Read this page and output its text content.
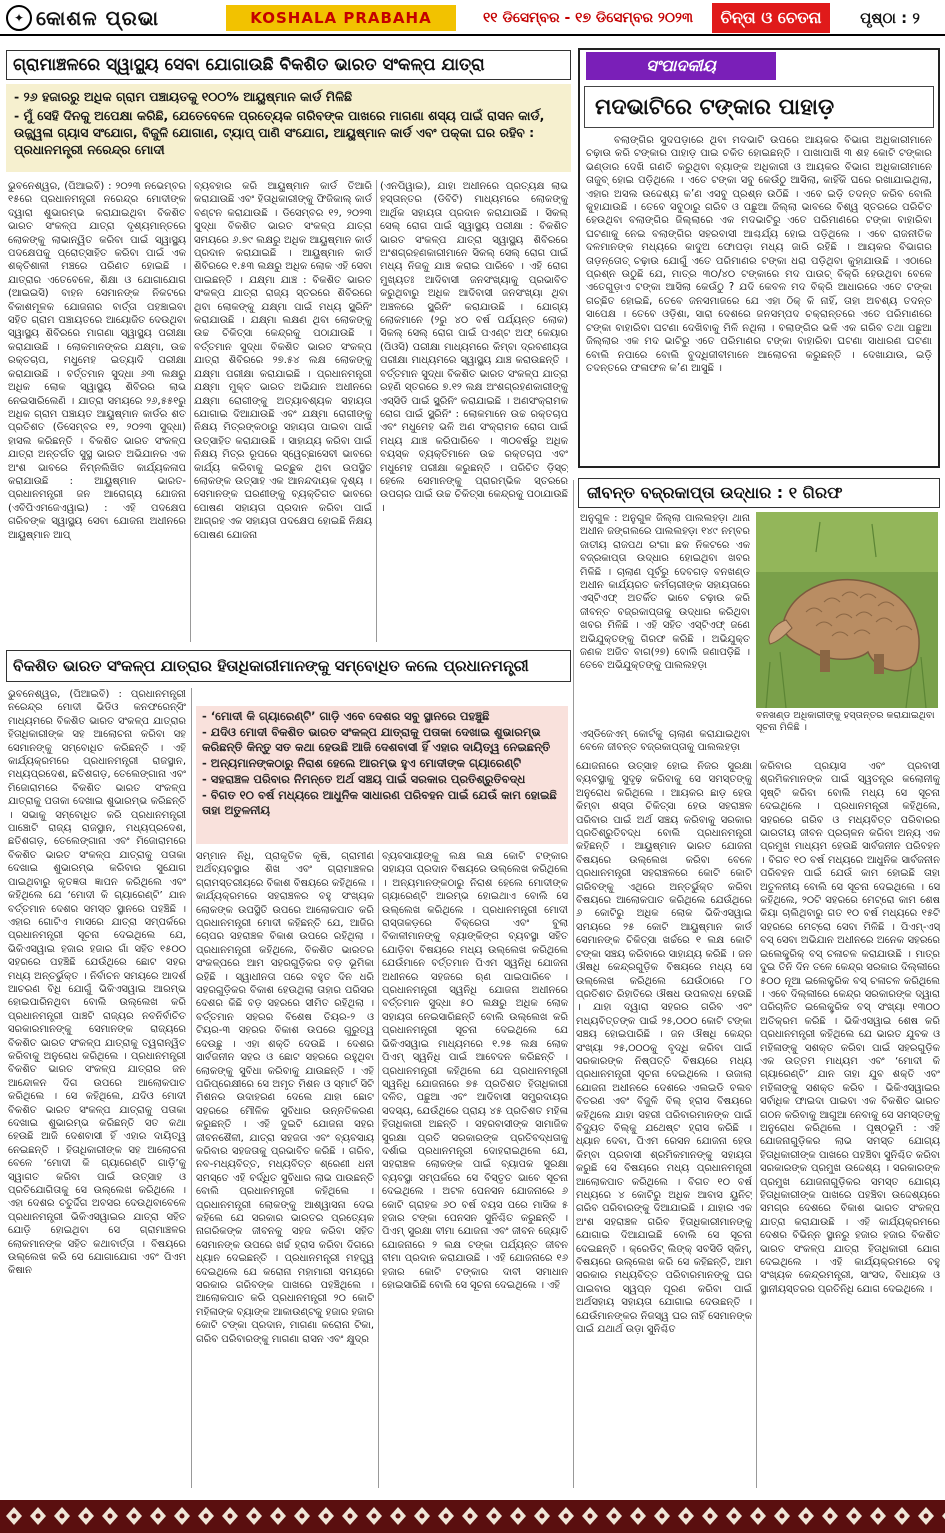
✦ କୋଶଳ ପ୍ରଭା	KOSHALA PRABAHA	୧୧ ଡିସେମ୍ବର - ୧୭ ଡିସେମ୍ବର ୨୦୨୩	ଚିନ୍ତା ଓ ଚେତନା	ପୃଷ୍ଠା : ୨
ଗ୍ରାମାଞ୍ଚଳରେ ସ୍ୱାସ୍ଥ୍ୟ ସେବା ଯୋଗାଉଛି ବିକଶିତ ଭାରତ ସଂକଳ୍ପ ଯାତ୍ରା
- ୨୬ ହଜାରରୁ ଅଧିକ ଗ୍ରାମ ପଞ୍ଚାୟତକୁ ୧୦୦% ଆୟୁଷ୍ମାନ କାର୍ଡ ମିଳିଛି
- ମୁଁ ସେହି ଦିନକୁ ଅପେକ୍ଷା କରିଛି, ଯେତେବେଳେ ପ୍ରତ୍ୟେକ ଗରିବଙ୍କ ପାଖରେ ମାଗଣା ଶସ୍ୟ ପାଇଁ ରାସନ କାର୍ଡ, ଉଜ୍ଜ୍ୱଳା ଗ୍ୟାସ ସଂଯୋଗ, ବିଜୁଳି ଯୋଗାଣ, ଟ୍ୟାପ୍ ପାଣି ସଂଯୋଗ, ଆୟୁଷ୍ମାନ କାର୍ଡ ଏବଂ ପକ୍କା ଘର ରହିବ : ପ୍ରଧାନମନ୍ତ୍ରୀ ନରେନ୍ଦ୍ର ମୋଦୀ
ଭୁବନେଶ୍ୱର, (ପିଆଇବି) : ୨୦୨୩ ନଭେମ୍ବର ୧୫ରେ ପ୍ରଧାନମନ୍ତ୍ରୀ ନରେନ୍ଦ୍ର ମୋଦୀଙ୍କ ଦ୍ୱାରା ଶୁଭାରମ୍ଭ କରାଯାଇଥିବା ବିକଶିତ ଭାରତ ସଂକଳ୍ପ ଯାତ୍ରା ଦୃଶ୍ୟମାନ୍ତରେ ଲୋକଙ୍କୁ ଲାଭାନ୍ୱିତ କରିବା ପାଇଁ ସ୍ୱାସ୍ଥ୍ୟ ପଦକ୍ଷେପକୁ ପ୍ରୋତ୍ସାହିତ କରିବା ପାଇଁ ଏକ ଶକ୍ତିଶାଳୀ ମଞ୍ଚରେ ପରିଣତ ହୋଇଛି । ଯାତ୍ରାର ଏତେବେଳେ, ଶିକ୍ଷା ଓ ଯୋଗାଯୋଗ (ଆଇଇସି) ବାହନ ସେମାନଙ୍କ ନିକଟରେ ବିକାଶମୂଳକ ଯୋଜନାର ବାର୍ତ୍ତା ପହଞ୍ଚାଇବା ସହିତ ଗ୍ରାମ ପଞ୍ଚାୟତରେ ଆୟୋଜିତ ଦେଉଥିବା ସ୍ୱାସ୍ଥ୍ୟ ଶିବିରରେ ମାଗଣା ସ୍ୱାସ୍ଥ୍ୟ ପରୀକ୍ଷା କରାଯାଉଛି । ଲୋକମାନଙ୍କର ଯକ୍ଷ୍ମା, ଉଚ୍ଚ ରକ୍ତଚାପ, ମଧୁମେହ ଇତ୍ୟାଦି ପରୀକ୍ଷା କରାଯାଉଛି । ବର୍ତ୍ତମାନ ସୁଦ୍ଧା ୬୩ ଲକ୍ଷରୁ ଅଧିକ ଲୋକ ସ୍ୱାସ୍ଥ୍ୟ ଶିବିରର ଲାଭ ନେଇସାରିଲେଣି । ଯାତ୍ରା ସମୟରେ ୨୬,୫୫୧ରୁ ଅଧିକ ଗ୍ରାମ ପଞ୍ଚାୟତ ଆୟୁଷ୍ମାନ କାର୍ଡର ଶତ ପ୍ରତିଶତ (ଡିସେମ୍ବର ୧୨, ୨୦୨୩ ସୁଦ୍ଧା) ହାସଲ କରିଛନ୍ତି । ବିକଶିତ ଭାରତ ସଂକଳ୍ପ ଯାତ୍ରା ଅନ୍ତର୍ଗତ ସୁସ୍ଥ ଭାରତ ଅଭିଯାନର ଏକ ଅଂଶ ଭାବରେ ନିମ୍ନଲିଖିତ କାର୍ଯ୍ୟକଳାପ କରାଯାଉଛି : ଆୟୁଷ୍ମାନ ଭାରତ-ପ୍ରଧାନମନ୍ତ୍ରୀ ଜନ ଆରୋଗ୍ୟ ଯୋଜନା (ଏବିପିଏମଜେଏୱାଇ) : ଏହି ପଦକ୍ଷେପ ଗରିବଙ୍କ ସ୍ୱାସ୍ଥ୍ୟ ସେବା ଯୋଜନା ଅଧୀନରେ ଆୟୁଷ୍ମାନ ଆପ୍
ବ୍ୟବହାର କରି ଆୟୁଷ୍ମାନ କାର୍ଡ ତିଆରି କରାଯାଉଛି ଏବଂ ହିତାଧିକାରୀଙ୍କୁ ଫିଜିକାଲ୍ କାର୍ଡ ବଣ୍ଟନ କରାଯାଉଛି । ଡିସେମ୍ବର ୧୨, ୨୦୨୩ ସୁଦ୍ଧା ବିକଶିତ ଭାରତ ସଂକଳ୍ପ ଯାତ୍ରା ସମୟରେ ୬.୭୯ ଲକ୍ଷରୁ ଅଧିକ ଆୟୁଷ୍ମାନ କାର୍ଡ ପ୍ରଦାନ କରାଯାଇଛି । ଆୟୁଷ୍ମାନ କାର୍ଡ ଶିବିରରେ ୧.୫୩ ଲକ୍ଷରୁ ଅଧିକ ଲୋକ ଏହି ସେବା ପାଇଛନ୍ତି । ଯକ୍ଷ୍ମା ଯାଞ୍ଚ : ବିକଶିତ ଭାରତ ସଂକଳ୍ପ ଯାତ୍ରା ରାଜ୍ୟ ସ୍ତରରେ ଶିବିରରେ ଥିବା ଲୋକଙ୍କୁ ଯକ୍ଷ୍ମା ପାଇଁ ମଧ୍ୟ ସ୍କ୍ରିନିଂ କରାଯାଉଛି । ଯକ୍ଷ୍ମା ଲକ୍ଷଣ ଥିବା ଲୋକଙ୍କୁ ଉଚ୍ଚ ଚିକିତ୍ସା କେନ୍ଦ୍ରକୁ ପଠାଯାଉଛି । ବର୍ତ୍ତମାନ ସୁଦ୍ଧା ବିକଶିତ ଭାରତ ସଂକଳ୍ପ ଯାତ୍ରା ଶିବିରରେ ୨୭.୫୪ ଲକ୍ଷ ଲୋକଙ୍କୁ ଯକ୍ଷ୍ମା ପରୀକ୍ଷା କରାଯାଇଛି । ପ୍ରଧାନମନ୍ତ୍ରୀ ଯକ୍ଷ୍ମା ମୁକ୍ତ ଭାରତ ଅଭିଯାନ ଅଧୀନରେ ଯକ୍ଷ୍ମା ରୋଗୀଙ୍କୁ ଅତ୍ୟାବଶ୍ୟକ ସହାୟତା ଯୋଗାଇ ଦିଆଯାଉଛି ଏବଂ ଯକ୍ଷ୍ମା ରୋଗୀଙ୍କୁ ନିକ୍ଷୟ ମିତ୍ରଙ୍କଠାରୁ ସହାୟତା ପାଇବା ପାଇଁ ଉତ୍ସାହିତ କରାଯାଉଛି । ସାହାଯ୍ୟ କରିବା ପାଇଁ ନିକ୍ଷୟ ମିତ୍ର ରୂପରେ ସ୍ୱେଚ୍ଛାସେବୀ ଭାବରେ କାର୍ଯ୍ୟ କରିବାକୁ ଇଚ୍ଛୁକ ଥିବା ଉପସ୍ଥିତ ଲୋକଙ୍କ ଉତ୍ସାହ ଏକ ଆନନ୍ଦଦାୟକ ଦୃଶ୍ୟ । ସେମାନଙ୍କ ଘରଣୀଙ୍କୁ ବ୍ୟକ୍ତିଗତ ଭାବରେ ପୋଷଣ ସହାୟତା ପ୍ରଦାନ କରିବା ପାଇଁ ଆଗ୍ରହ ଏକ ସହାୟତା ପଦକ୍ଷେପ ହୋଇଛି ନିକ୍ଷୟ ପୋଷଣ ଯୋଜନା
(ଏନପିୱାଇ), ଯାହା ଅଧୀନରେ ପ୍ରତ୍ୟକ୍ଷ ଲାଭ ହସ୍ତାନ୍ତର (ଡିବିଟି) ମାଧ୍ୟମରେ ଲୋକଙ୍କୁ ଆର୍ଥିକ ସହାୟତା ପ୍ରଦାନ କରାଯାଉଛି । ସିକଲ୍ ସେଲ୍ ରୋଗ ପାଇଁ ସ୍ୱାସ୍ଥ୍ୟ ପରୀକ୍ଷା : ବିକଶିତ ଭାରତ ସଂକଳ୍ପ ଯାତ୍ରା ସ୍ୱାସ୍ଥ୍ୟ ଶିବିରରେ ଅଂଶଗ୍ରହଣକାରୀମାନେ ସିକଲ୍ ସେଲ୍ ରୋଗ ପାଇଁ ମଧ୍ୟ ନିଜକୁ ଯାଞ୍ଚ କରାଇ ପାରିବେ । ଏହି ରୋଗ ମୁଖ୍ୟତଃ ଆଦିବାସୀ ଜନସଂଖ୍ୟାକୁ ପ୍ରଭାବିତ କରୁଥିବାରୁ ଅଧିକ ଆଦିବାସୀ ଜନସଂଖ୍ୟା ଥିବା ଅଞ୍ଚଳରେ ସ୍କ୍ରିନିଂ କରାଯାଉଛି । ଯୋଗ୍ୟ ଲୋକମାନେ (୨ରୁ ୪୦ ବର୍ଷ ପର୍ଯ୍ୟନ୍ତ ଲୋକ) ସିକଲ୍ ସେଲ୍ ରୋଗ ପାଇଁ ପଏଣ୍ଟ ଅଫ୍ କେୟାର (ପିଓସି) ପରୀକ୍ଷା ମାଧ୍ୟମରେ କିମ୍ବା ଦ୍ରବଣୀୟତା ପରୀକ୍ଷା ମାଧ୍ୟମରେ ସ୍ୱାସ୍ଥ୍ୟ ଯାଞ୍ଚ କରାଉଛନ୍ତି । ବର୍ତ୍ତମାନ ସୁଦ୍ଧା ବିକଶିତ ଭାରତ ସଂକଳ୍ପ ଯାତ୍ରା ରହଣି ସ୍ତରରେ ୭.୧୨ ଲକ୍ଷ ଅଂଶଗ୍ରହଣକାରୀଙ୍କୁ ଏସ୍‌ସିଡି ପାଇଁ ସ୍କ୍ରିନିଂ କରାଯାଇଛି । ଅଣସଂକ୍ରାମକ ରୋଗ ପାଇଁ ସ୍କ୍ରିନିଂ : ଲୋକମାନେ ଉଚ୍ଚ ରକ୍ତଚାପ ଏବଂ ମଧୁମେହ ଭଳି ଅଣ ସଂକ୍ରାମକ ରୋଗ ପାଇଁ ମଧ୍ୟ ଯାଞ୍ଚ କରିପାରିବେ । ୩୦ବର୍ଷରୁ ଅଧିକ ବୟସ୍କ ବ୍ୟକ୍ତିମାନେ ଉଚ୍ଚ ରକ୍ତଚାପ ଏବଂ ମଧୁମେହ ପରୀକ୍ଷା କରୁଛନ୍ତି । ପରିଚିତ ଡ଼ିସ୍‌ଚ୍ ହେଲେ ସେମାନଙ୍କୁ ପ୍ରାରମ୍ଭିକ ସ୍ତରରେ ଉପଚାର ପାଇଁ ଉଚ୍ଚ ଚିକିତ୍ସା କେନ୍ଦ୍ରକୁ ପଠାଯାଉଛି ।
ସଂପାଦକୀୟ
ମଦଭାଟିରେ ଟଙ୍କାର ପାହାଡ଼
ବଲାଙ୍ଗିର ସୁଦପଡ଼ାରେ ଥିବା ମଦଭାଟି ଉପରେ ଆୟକର ବିଭାଗ ଅଧିକାରୀମାନେ ଚଢ଼ାଉ କରି ଟଙ୍କାର ପାହାଡ଼ ପାଇ ଚକିତ ହୋଇଛନ୍ତି । ପାଖାପାଖି ୩ ଶହ କୋଟି ଟଙ୍କାର ଭଣ୍ଡାର ଦେଖି ଗଣତି କରୁଥିବା ବ୍ୟାଙ୍କ ଅଧିକାରୀ ଓ ଆୟକର ବିଭାଗ ଅଧିକାରୀମାନେ ତାଜୁବ୍ ହୋଇ ପଡ଼ିଥିଲେ । ଏତେ ଟଙ୍କା ସବୁ କେଉଁଠୁ ଆସିଲା, କାହିଁକି ଘରେ ରଖାଯାଇଥିଲା, ଏହାର ଅସଲ ଉଦ୍ଦେଶ୍ୟ କ’ଣ ଏସବୁ ପ୍ରଶ୍ନ ଉଠିଛି । ଏବେ ଇଡ଼ି ତଦନ୍ତ କରିବ ବୋଲି କୁହାଯାଉଛି । ତେବେ ସବୁଠାରୁ ଗରିବ ଓ ପଛୁଆ ଜିଲ୍ଲା ଭାବରେ ବିଶ୍ୱ ସ୍ତରରେ ପରିଚିତ ହେଉଥିବା ବଲାଙ୍ଗିର ଜିଲ୍ଲାରେ ଏକ ମଦଭାଟିରୁ ଏତେ ପରିମାଣରେ ଟଙ୍କା ବାହାରିବା ଘଟଣାକୁ ନେଇ ବଲାଙ୍ଗିର ସହରବାସୀ ଆଶ୍ଚର୍ଯ୍ୟ ହୋଇ ପଡ଼ିଥିଲେ । ଏବେ ରାଜନୀତିକ ଦଳମାନଙ୍କ ମଧ୍ୟରେ କାଦୁଅ ଫୋପଡ଼ା ମଧ୍ୟ ଜାରି ରହିଛି । ଆୟକର ବିଭାଗର ତାଡ଼ନ୍ତୋତ୍ ଚଢ଼ାଉ ଯୋଗୁଁ ଏତେ ପରିମାଣର ଟଙ୍କା ଧରା ପଡ଼ିଥିବା କୁହାଯାଉଛି । ଏଠାରେ ପ୍ରଶ୍ନ ଉଠୁଛି ଯେ, ମାତ୍ର ୩୦/୪୦ ଟଙ୍କାରେ ମଦ ପାଉଚ୍ ବିକ୍ରି ହେଉଥିବା ବେଳେ ଏତେଗୁଡ଼ାଏ ଟଙ୍କା ଆସିଲା କେଉଁଠୁ ? ଯଦି କେବଳ ମଦ ବିକ୍ରି ଆଧାରରେ ଏତେ ଟଙ୍କା ଗଚ୍ଛିତ ହୋଇଛି, ତେବେ ଜନସମାଜରେ ଯେ ଏହା ଠିକ୍ କି ନାହିଁ, ତାହା ଅବଶ୍ୟ ତଦନ୍ତ ସାପେକ୍ଷ । ତେବେ ଓଡ଼ିଶା, ସାରା ଦେଶରେ ଜନସମ୍ପଦ ଚକ୍ରାନ୍ତରେ ଏତେ ପରିମାଣରେ ଟଙ୍କା ବାହାରିବା ଘଟଣା ଦେଖିବାକୁ ମିଳି ନଥିଲା । ବଲାଙ୍ଗିର ଭଳି ଏକ ଗରିବ ତଥା ପଛୁଆ ଜିଲ୍ଲାର ଏକ ମଦ ଭାଟିରୁ ଏତେ ପରିମାଣର ଟଙ୍କା ବାହାରିବା ଘଟଣା ସାଧାରଣ ଘଟଣା ବୋଲି ନପାରେ ବୋଲି ବୁଦ୍ଧିଜୀବୀମାନେ ଆଲୋଚନା କରୁଛନ୍ତି । ଦେଖାଯାଉ, ଇଡ଼ି ତଦନ୍ତରେ ଫଳାଫଳ କ’ଣ ଆସୁଛି ।
ଜୀବନ୍ତ ବଜ୍ରକାପ୍ତା ଉଦ୍ଧାର : ୧ ଗିରଫ
ଅନୁଗୁଳ : ଅନୁଗୁଳ ଜିଲ୍ଲା ପାଲଲହଡ଼ା ଥାନା ଅଧୀନ ଜଙ୍ଗଲରେ ପାଲଲହଡ଼ା ୧୪୯ ନମ୍ବର ଜାତୀୟ ରାଜପଥ ରଂଗା ଛକ ନିକଟରେ ଏକ ବଜ୍ରକାପ୍ତା ଉଦ୍ଧାର ହୋଇଥିବା ଖବର ମିଳିଛି । ଚାଲାଣ ପୂର୍ବରୁ ଦେବଗଡ଼ ବନଖଣ୍ଡ ଅଧୀନ କାର୍ଯ୍ୟରତ କର୍ମଚାରୀଙ୍କ ସହାୟତାରେ ଏସ୍‌ଟିଏଫ୍ ଅତର୍କିତ ଭାବେ ଚଢ଼ାଉ କରି ଜୀବନ୍ତ ବଜ୍ରକାପ୍ତାକୁ ଉଦ୍ଧାର କରିଥିବା ଖବର ମିଳିଛି । ଏହି ସହିତ ଏସ୍‌ଟିଏଫ୍ ଜଣେ ଅଭିଯୁକ୍ତଙ୍କୁ ଗିରଫ କରିଛି । ଅଭିଯୁକ୍ତ ଜଣକ ଅଜିତ ବାଗ(୨୭) ବୋଲି ଜଣାପଡ଼ିଛି । ତେବେ ଅଭିଯୁକ୍ତଙ୍କୁ ପାଲଲହଡ଼ା
ଏସ୍‌ଡିଜେଏମ୍ କୋର୍ଟକୁ ଚାଲାଣ କରାଯାଇଥିବା ବେଳେ ଜୀବନ୍ତ ବଜ୍ରକାପ୍ତାକୁ ପାଲଲହଡ଼ା
ବନଖଣ୍ଡ ଅଧିକାରୀଙ୍କୁ ହସ୍ତାନ୍ତର କରାଯାଇଥିବା ସୂଚନା ମିଳିଛି ।
ବିକଶିତ ଭାରତ ସଂକଳ୍ପ ଯାତ୍ରାର ହିତାଧିକାରୀମାନଙ୍କୁ ସମ୍ବୋଧିତ କଲେ ପ୍ରଧାନମନ୍ତ୍ରୀ
ଭୁବନେଶ୍ୱର, (ପିଆଇବି) : ପ୍ରଧାନମନ୍ତ୍ରୀ ନରେନ୍ଦ୍ର ମୋଦୀ ଭିଡିଓ କନଫରେନ୍ସିଂ ମାଧ୍ୟମରେ ବିକଶିତ ଭାରତ ସଂକଳ୍ପ ଯାତ୍ରାର ହିତାଧିକାରୀଙ୍କ ସହ ଆଲୋଚନା କରିବା ସହ ସେମାନଙ୍କୁ ସମ୍ବୋଧିତ କରିଛନ୍ତି । ଏହି କାର୍ଯ୍ୟକ୍ରମରେ ପ୍ରଧାନମନ୍ତ୍ରୀ ରାଜସ୍ଥାନ, ମଧ୍ୟପ୍ରଦେଶ, ଛତିଶଗଡ଼, ତେଲେଙ୍ଗାନା ଏବଂ ମିଜୋରାମରେ ବିକଶିତ ଭାରତ ସଂକଳ୍ପ ଯାତ୍ରାକୁ ପତାକା ଦେଖାଇ ଶୁଭାରମ୍ଭ କରିଛନ୍ତି । ସଭାକୁ ସମ୍ବୋଧିତ କରି ପ୍ରଧାନମନ୍ତ୍ରୀ ପାଞ୍ଚୋଟି ରାଜ୍ୟ ରାଜସ୍ଥାନ, ମଧ୍ୟପ୍ରଦେଶ, ଛତିଶଗଡ଼, ତେଲେଙ୍ଗାନା ଏବଂ ମିଜୋରାମରେ ବିକଶିତ ଭାରତ ସଂକଳ୍ପ ଯାତ୍ରାକୁ ପତାକା ଦେଖାଇ ଶୁଭାରମ୍ଭ କରିବାର ସୁଯୋଗ ପାଇଥିବାରୁ କୃତଜ୍ଞତା ଜ୍ଞାପନ କରିଥିଲେ ଏବଂ କହିଥିଲେ ଯେ ‘ମୋଦୀ କି ଗ୍ୟାରେଣ୍ଟି’ ଯାନ ବର୍ତ୍ତମାନ ଦେଶର ସମସ୍ତ ସ୍ଥାନରେ ପହଞ୍ଚିଛି । ଏହାର ଗୋଟିଏ ମାସରେ ଯାତ୍ରା ସମ୍ପର୍କରେ ପ୍ରଧାନମନ୍ତ୍ରୀ ସୂଚନା ଦେଇଥିଲେ ଯେ, ଭିକିଏସୱାଇ ହଜାର ହଜାର ଗାଁ ସହିତ ୧୫୦୦ ସହରରେ ପହଞ୍ଚିଛି ଯେଉଁଥିରେ ଛୋଟ ସହର ମଧ୍ୟ ଅନ୍ତର୍ଭୁକ୍ତ । ନିର୍ବାଚନ ସମୟରେ ଆଦର୍ଶ ଆଚରଣ ବିଧି ଯୋଗୁଁ ଭିକିଏସୱାଇ ଆରମ୍ଭ ହୋଇପାରିନଥିବା ବୋଲି ଉଲ୍ଲେଖ କରି ପ୍ରଧାନମନ୍ତ୍ରୀ ପାଞ୍ଚଟି ରାଜ୍ୟର ନବନିର୍ବାଚିତ ସରକାରମାନଙ୍କୁ ସେମାନଙ୍କ ରାଜ୍ୟରେ ବିକଶିତ ଭାରତ ସଂକଳ୍ପ ଯାତ୍ରାକୁ ତ୍ୱରାନ୍ୱିତ କରିବାକୁ ଅନୁରୋଧ କରିଥିଲେ । ପ୍ରଧାନମନ୍ତ୍ରୀ ବିକଶିତ ଭାରତ ସଂକଳ୍ପ ଯାତ୍ରାର ଜନ ଆନ୍ଦୋଳନ ଦିଗ ଉପରେ ଆଲୋକପାତ କରିଥିଲେ । ସେ କହିଥିଲେ, ଯଦିଓ ମୋଦୀ ବିକଶିତ ଭାରତ ସଂକଳ୍ପ ଯାତ୍ରାକୁ ପତାକା ଦେଖାଇ ଶୁଭାରମ୍ଭ କରିଛନ୍ତି ସତ କଥା ହେଉଛି ଆଜି ଦେଶବାସୀ ହିଁ ଏହାର ଦାୟିତ୍ୱ ନେଇଛନ୍ତି । ହିତାଧିକାରୀଙ୍କ ସହ ଆଲୋଚନା ବେଳେ ‘ମୋଦୀ କି ଗ୍ୟାରେଣ୍ଟି ଗାଡ଼ି’କୁ ସ୍ୱାଗତ କରିବା ପାଇଁ ଉତ୍ସାହ ଓ ପ୍ରତିଯୋଗିତାକୁ ସେ ଉଲ୍ଲେଖ କରିଥିଲେ । ଏହା ଦେଶର ଚତୁର୍ଦ୍ଦିଗ ଅବସର ଦେଉଥିବାବେଳେ ପ୍ରଧାନମନ୍ତ୍ରୀ ଭିକିଏସୱାଇର ଯାତ୍ରା ସହିତ ଯୋଡ଼ି ହୋଇଥିବା ସେ ଗ୍ରାମାଞ୍ଚଳର ଲୋକମାନଙ୍କ ସହିତ କଥାବାର୍ତ୍ତା । ବିଷୟରେ ଉଲ୍ଲେଖ କରି ସେ ଯୋଗାଯୋଗ ଏବଂ ପିଏମ କିଷାନ
- ‘ମୋଦୀ କି ଗ୍ୟାରେଣ୍ଟି’ ଗାଡ଼ି ଏବେ ଦେଶର ସବୁ ସ୍ଥାନରେ ପହଞ୍ଚୁଛି
- ଯଦିଓ ମୋଦୀ ବିକଶିତ ଭାରତ ସଂକଳ୍ପ ଯାତ୍ରାକୁ ପତାକା ଦେଖାଇ ଶୁଭାରମ୍ଭ କରିଛନ୍ତି କିନ୍ତୁ ସତ କଥା ହେଉଛି ଆଜି ଦେଶବାସୀ ହିଁ ଏହାର ଦାୟିତ୍ୱ ନେଇଛନ୍ତି
- ଅନ୍ୟମାନଙ୍କଠାରୁ ନିରାଶ ହେଲେ ଆରମ୍ଭ ହୁଏ ମୋଦୀଙ୍କ ଗ୍ୟାରେଣ୍ଟି
- ସହରାଞ୍ଚଳ ପରିବାର ନିମନ୍ତେ ଅର୍ଥ ସଞ୍ଚୟ ପାଇଁ ସରକାର ପ୍ରତିଶ୍ରୁତିବଦ୍ଧ
- ବିଗତ ୧୦ ବର୍ଷ ମଧ୍ୟରେ ଆଧୁନିକ ସାଧାରଣ ପରିବହନ ପାଇଁ ଯେଉଁ କାମ ହୋଇଛି ତାହା ଅତୁଳନୀୟ
ସମ୍ମାନ ନିଧି, ପ୍ରାକୃତିକ କୃଷି, ଗ୍ରାମୀଣ ଅର୍ଥବ୍ୟବସ୍ଥାର ଶିଖ ଏବଂ ଗ୍ରାମାଞ୍ଚଳର ଗ୍ରାମସ୍ତରୀୟରେ ବିକାଶ ବିଷୟରେ କହିଥିଲେ । କାର୍ଯ୍ୟକ୍ରମରେ ସହରାଞ୍ଚଳର ବହୁ ସଂଖ୍ୟକ ଲୋକଙ୍କ ଉପସ୍ଥିତି ଉପରେ ଆଲୋକପାତ କରି ପ୍ରଧାନମନ୍ତ୍ରୀ ମୋଦୀ କହିଛନ୍ତି ଯେ, ଆଜିର ଚୋପର ସହରାଞ୍ଚଳ ବିକାଶ ଉପରେ ରହିଥିଲା । ପ୍ରଧାନମନ୍ତ୍ରୀ କହିଥିଲେ, ବିକଶିତ ଭାରତର ସଂକଳ୍ପରେ ଆମ ସହରଗୁଡ଼ିକର ବଡ଼ ଭୂମିକା ରହିଛି । ସ୍ୱାଧୀନତା ପରେ ବହୁତ ଦିନ ଧରି ସହରଗୁଡ଼ିକର ବିକାଶ ହେଉଥିଲା ତାହାର ପରିସର ଦେଶର କିଛି ବଡ଼ ସହରରେ ସୀମିତ ରହିଥିଲା । ବର୍ତ୍ତମାନ ସହରର ବିଶେଷ ତିୟର-୨ ଓ ଟିୟର-୩ ସହରର ବିକାଶ ଉପରେ ଗୁରୁତ୍ୱ ଦେଉଛୁ । ଏହା ଶକ୍ତି ଦେଉଛି । ଦେଶର ସାର୍ବଜନୀନ ସହର ଓ ଛୋଟ ସହରରେ ରହୁଥିବା ଲୋକଙ୍କୁ ସୁବିଧା କରିବାକୁ ଯାଉଛନ୍ତି । ଏହି ପରିପ୍ରେକ୍ଷୀରେ ସେ ଅମୃତ ମିଶନ ଓ ସ୍ମାର୍ଟ ସିଟି ମିଶନର ଉଦାହରଣ ଦେଲେ ଯାହା ଛୋଟ ସହରରେ ମୌଳିକ ସୁବିଧାର ଉନ୍ନତିକରଣ କରୁଛନ୍ତି । ଏହି ଦୁଇଟି ଯୋଜନା ସହର ଜୀବନଶୈଳୀ, ଯାତ୍ରା ସହଜତା ଏବଂ ବ୍ୟବସାୟ କରିବାର ସହଜତାକୁ ପ୍ରଭାବିତ କରିଛି । ଗରିବ, ନବ-ମଧ୍ୟବିତ୍ତ, ମଧ୍ୟବିତ୍ତ ଶ୍ରେଣୀ ଧନୀ ସମସ୍ତେ ଏହି ବର୍ଦ୍ଧିତ ସୁବିଧାର ଲାଭ ପାଉଛନ୍ତି ବୋଲି ପ୍ରଧାନମନ୍ତ୍ରୀ କହିଥିଲେ । ପ୍ରଧାନମନ୍ତ୍ରୀ ଲୋକଙ୍କୁ ଆଶ୍ୱାସନା ଦେଇ କହିଲେ ଯେ ସରକାର ଭାରତର ପ୍ରତ୍ୟେକ ନାଗରିକଙ୍କ ଜୀବନକୁ ସହଜ କରିବା ସହିତ ସେମାନଙ୍କ ଉପରେ ଖର୍ଚ୍ଚ ହ୍ରାସ କରିବା ଦିଗରେ ଧ୍ୟାନ ଦେଇଛନ୍ତି । ପ୍ରଧାନମନ୍ତ୍ରୀ ମହତ୍ତ୍ୱ ଦେଇଥିଲେ ଯେ କରୋନା ମହାମାରୀ ସମୟରେ ସରକାର ଗରିବଙ୍କ ପାଖରେ ପହଞ୍ଚିଥିଲେ । ଆଲୋକପାତ କରି ପ୍ରଧାନମନ୍ତ୍ରୀ ୨୦ କୋଟି ମହିଳାଙ୍କ ବ୍ୟାଙ୍କ ଆକାଉଣ୍ଟକୁ ହଜାର ହଜାର କୋଟି ଟଙ୍କା ପ୍ରଦାନ, ମାଗଣା କରୋନା ଟିକା, ଗରିବ ପରିବାରଙ୍କୁ ମାଗଣା ରାସନ ଏବଂ କ୍ଷୁଦ୍ର
ବ୍ୟବସାୟୀଙ୍କୁ ଲକ୍ଷ ଲକ୍ଷ କୋଟି ଟଙ୍କାର ସହାୟତା ପ୍ରଦାନ ବିଷୟରେ ଉଲ୍ଲେଖ କରିଥିଲେ । ଅନ୍ୟମାନଙ୍କଠାରୁ ନିରାଶ ହେଲେ ମୋଦୀଙ୍କ ଗ୍ୟାରେଣ୍ଟି ଆରମ୍ଭ ହୋଇଥାଏ ବୋଲି ସେ ଉଲ୍ଲେଖ କରିଥିଲେ । ପ୍ରଧାନମନ୍ତ୍ରୀ ମୋଦୀ ରାସ୍ତାକଡ଼ରେ ବିକ୍ରେତା ଏବଂ ବୁଲା ବିକାଳୀମାନଙ୍କୁ ବ୍ୟାଙ୍କିଙ୍ଗ ବ୍ୟବସ୍ଥା ସହିତ ଯୋଡ଼ିବା ବିଷୟରେ ମଧ୍ୟ ଉଲ୍ଲେଖ କରିଥିଲେ ଯେଉଁମାନେ ବର୍ତ୍ତମାନ ପିଏମ ସ୍ୱନିଧି ଯୋଜନା ଅଧୀନରେ ସହଜରେ ଋଣ ପାଇପାରିବେ । ପ୍ରଧାନମନ୍ତ୍ରୀ ସ୍ୱନିଧି ଯୋଜନା ଅଧୀନରେ ବର୍ତ୍ତମାନ ସୁଦ୍ଧା ୫୦ ଲକ୍ଷରୁ ଅଧିକ ଲୋକ ସହାୟତା ନେଇସାରିଛନ୍ତି ବୋଲି ଉଲ୍ଲେଖ କରି ପ୍ରଧାନମନ୍ତ୍ରୀ ସୂଚନା ଦେଇଥିଲେ ଯେ ଭିକିଏସୱାଇ ମାଧ୍ୟମରେ ୧.୨୫ ଲକ୍ଷ ଲୋକ ପିଏମ୍ ସ୍ୱନିଧି ପାଇଁ ଆବେଦନ କରିଛନ୍ତି । ପ୍ରଧାନମନ୍ତ୍ରୀ କହିଥିଲେ ଯେ ପ୍ରଧାନମନ୍ତ୍ରୀ ସ୍ୱନିଧି ଯୋଜନାରେ ୭୫ ପ୍ରତିଶତ ହିତାଧିକାରୀ ଦଳିତ, ପଛୁଆ ଏବଂ ଆଦିବାସୀ ସମ୍ପ୍ରଦାୟର ସଦସ୍ୟ, ଯେଉଁଥିରେ ପ୍ରାୟ ୪୫ ପ୍ରତିଶତ ମହିଳା ହିତାଧିକାରୀ ଅଛନ୍ତି । ସହରବାସୀଙ୍କ ସାମାଜିକ ସୁରକ୍ଷା ପ୍ରତି ସରକାରଙ୍କ ପ୍ରତିବଦ୍ଧତାକୁ ଦର୍ଶାଇ ପ୍ରଧାନମନ୍ତ୍ରୀ ଦୋହରାଇଥିଲେ ଯେ, ସହରାଞ୍ଚଳ ଲୋକଙ୍କ ପାଇଁ ବ୍ୟାପକ ସୁରକ୍ଷା ବ୍ୟବସ୍ଥା ସମ୍ପର୍କରେ ସେ ବିସ୍ତୃତ ଭାବେ ସୂଚନା ଦେଇଥିଲେ । ଅଟଳ ପେନସନ ଯୋଜନାରେ ୬ କୋଟି ଗ୍ରାହକ ୬୦ ବର୍ଷ ବୟସ ପରେ ମାସିକ ୫ ହଜାର ଟଙ୍କା ପେନସନ ସୁନିଶ୍ଚିତ କରୁଛନ୍ତି । ପିଏମ୍ ସୁରକ୍ଷା ବୀମା ଯୋଜନା ଏବଂ ଜୀବନ ଜ୍ୟୋତି ଯୋଜନାରେ ୨ ଲକ୍ଷ ଟଙ୍କା ପର୍ଯ୍ୟନ୍ତ ଜୀବନ ବୀମା ପ୍ରଦାନ କରାଯାଉଛି । ଏହି ଯୋଜନାରେ ୧୬ ହଜାର କୋଟି ଟଙ୍କାର ଦାବୀ ସମାଧାନ ହୋଇସାରିଛି ବୋଲି ସେ ସୂଚନା ଦେଇଥିଲେ । ଏହି
ଯୋଜନାରେ ଉତ୍ସାହ ହୋଇ ନିଜର ସୁରକ୍ଷା ବ୍ୟବସ୍ଥାକୁ ସୁଦୃଢ଼ କରିବାକୁ ସେ ସମସ୍ତଙ୍କୁ ଅନୁରୋଧ କରିଥିଲେ । ଆୟକର ଛାଡ଼ ହେଉ କିମ୍ବା ଶସ୍ତା ଚିକିତ୍ସା ହେଉ ସହରାଞ୍ଚଳ ପରିବାର ପାଇଁ ଅର୍ଥ ସଞ୍ଚୟ କରିବାକୁ ସରକାର ପ୍ରତିଶ୍ରୁତିବଦ୍ଧ ବୋଲି ପ୍ରଧାନମନ୍ତ୍ରୀ କହିଛନ୍ତି । ଆୟୁଷ୍ମାନ ଭାରତ ଯୋଜନା ବିଷୟରେ ଉଲ୍ଲେଖ କରିବା ବେଳେ ପ୍ରଧାନମନ୍ତ୍ରୀ ସହରାଞ୍ଚଳରେ କୋଟି କୋଟି ଗରିବଙ୍କୁ ଏଥିରେ ଅନ୍ତର୍ଭୁକ୍ତ କରିବା ବିଷୟରେ ଆଲୋକପାତ କରିଥିଲେ ଯେଉଁଥିରେ ୬ କୋଟିରୁ ଅଧିକ ଲୋକ ଭିକିଏସୱାଇ ସମୟରେ ୨୫ କୋଟି ଆୟୁଷ୍ମାନ କାର୍ଡ ସେମାନଙ୍କ ଚିକିତ୍ସା ଖର୍ଚ୍ଚରେ ୧ ଲକ୍ଷ କୋଟି ଟଙ୍କା ସଞ୍ଚୟ କରିବାରେ ସାହାଯ୍ୟ କରିଛି । ଜନ ଔଷଧି କେନ୍ଦ୍ରଗୁଡ଼ିକ ବିଷୟରେ ମଧ୍ୟ ସେ ଉଲ୍ଲେଖ କରିଥିଲେ ଯେଉଁଠାରେ ୮୦ ପ୍ରତିଶତ ରିହାତିରେ ଔଷଧ ଉପଲବ୍ଧ ହେଉଛି । ଯାହା ଦ୍ୱାରା ସହରର ଗରିବ ଏବଂ ମଧ୍ୟବିତ୍ତଙ୍କ ପାଇଁ ୨୫,୦୦୦ କୋଟି ଟଙ୍କା ସଞ୍ଚୟ ହୋଇପାରିଛି । ଜନ ଔଷଧି କେନ୍ଦ୍ର ସଂଖ୍ୟା ୨୫,୦୦୦କୁ ବୃଦ୍ଧି କରିବା ପାଇଁ ସରକାରଙ୍କ ନିଷ୍ପତ୍ତି ବିଷୟରେ ମଧ୍ୟ ପ୍ରଧାନମନ୍ତ୍ରୀ ସୂଚନା ଦେଇଥିଲେ । ଉଜାଲା ଯୋଜନା ଅଧୀନରେ ଦେଶରେ ଏଲଇଡି ବଲବ ବିତରଣ ଏବଂ ବିଜୁଳି ବିଲ୍ ହ୍ରାସ ବିଷୟରେ କହିଥିଲେ ଯାହା ସହରୀ ପରିବାରମାନଙ୍କ ପାଇଁ ବିଦ୍ୟୁତ ବିଲ୍‌କୁ ଯଥେଷ୍ଟ ହ୍ରାସ କରିଛି । ଧ୍ୟାନ ଦେବା, ପିଏମ ରେସନ ଯୋଜନା ହେଉ କିମ୍ବା ପ୍ରବାସୀ ଶ୍ରମିକମାନଙ୍କୁ ସହାୟତା କରୁଛି ସେ ବିଷୟରେ ମଧ୍ୟ ପ୍ରଧାନମନ୍ତ୍ରୀ ଆଲୋକପାତ କରିଥିଲେ । ବିଗତ ୧୦ ବର୍ଷ ମଧ୍ୟରେ ୪ କୋଟିରୁ ଅଧିକ ଆବାସ ୟୁନିଟ୍ ଗରିବ ପରିବାରଙ୍କୁ ଦିଆଯାଇଛି । ଯାହାର ଏକ ଅଂଶ ସହରାଞ୍ଚଳ ଗରିବ ହିତାଧିକାରୀମାନଙ୍କୁ ଯୋଗାଇ ଦିଆଯାଇଛି ବୋଲି ସେ ସୂଚନା ଦେଇଛନ୍ତି । କ୍ରେଡିଟ୍ ଲିଙ୍କ୍ ସବସିଡି ସ୍କିମ୍, ବିଷୟରେ ଉଲ୍ଲେଖ କରି ସେ କହିଛନ୍ତି, ଆମ ସରକାର ମଧ୍ୟବିତ୍ତ ପରିବାରମାନଙ୍କୁ ଘର ପାଇବାର ସ୍ୱପ୍ନ ପୂରଣ କରିବା ପାଇଁ ଅର୍ଥସହାୟ ସହାୟତା ଯୋଗାଇ ଦେଉଛନ୍ତି । ଯେଉଁମାନଙ୍କର ନିଜସ୍ୱ ଘର ନାହିଁ ସେମାନଙ୍କ ପାଇଁ ଯଥାର୍ଥ ଉଡ଼ା ସୁନିଶ୍ଚିତ
କରିବାର ପ୍ରୟାସ ଏବଂ ପ୍ରବାସୀ ଶ୍ରମିକମାନଙ୍କ ପାଇଁ ସ୍ୱତନ୍ତ୍ର କଲୋନୀକୁ ସୃଷ୍ଟି କରିବା ବୋଲି ମଧ୍ୟ ସେ ସୂଚନା ଦେଇଥିଲେ । ପ୍ରଧାନମନ୍ତ୍ରୀ କହିଥିଲେ, ସହରରେ ଗରିବ ଓ ମଧ୍ୟବିତ୍ତ ପରିବାରର ଭାରତୀୟ ଜୀବନ ପ୍ରଚାଳନ କରିବା ଅନ୍ୟ ଏକ ପ୍ରମୁଖ ମାଧ୍ୟମ ହେଉଛି ସାର୍ବଜନୀନ ପରିବହନ । ବିଗତ ୧୦ ବର୍ଷ ମଧ୍ୟରେ ଆଧୁନିକ ସାର୍ବଜନୀନ ପରିବହନ ପାଇଁ ଯେଉଁ କାମ ହୋଇଛି ତାହା ଅତୁଳନୀୟ ବୋଲି ସେ ସୂଚନା ଦେଇଥିଲେ । ସେ କହିଥିଲେ, ୨୦ଟି ସହରରେ ମେଟ୍ରୋ କାମ ଶେଷ କିୟା ଚାଲିଥିବାରୁ ଗତ ୧୦ ବର୍ଷ ମଧ୍ୟରେ ୧୫ଟି ସହରରେ ମେଟ୍ରୋ ସେବା ମିଳିଛି । ପିଏମ୍-ଏସ୍ ବସ୍ ସେବା ଅଭିଯାନ ଅଧୀନରେ ଅନେକ ସହରରେ ଇଲେକ୍ଟ୍ରିକ୍ ବସ୍ ଚଳାଚଳ କରାଯାଉଛି । ମାତ୍ର ଦୁଇ ତିନି ଦିନ ତଳେ କେନ୍ଦ୍ର ସରକାର ଦିଲ୍ଲୀରେ ୫୦୦ ନୂଆ ଇଲେକ୍ଟ୍ରିକ ବସ୍ ଚଳାଚଳ କରିଥିଲେ । ଏବେ ଦିଲ୍ଲୀରେ କେନ୍ଦ୍ର ସରକାରଙ୍କ ଦ୍ୱାରା ପରିଚାଳିତ ଇଲେକ୍ଟ୍ରିକ ବସ୍ ସଂଖ୍ୟା ୧୩୦୦ ଅତିକ୍ରମ କରିଛି । ଭିକିଏସୱାଇ ଶେଷ କରି ପ୍ରଧାନମନ୍ତ୍ରୀ କହିଥିଲେ ଯେ ଭାରତ ଯୁବକ ଓ ମହିଳାଙ୍କୁ ସଶକ୍ତ କରିବା ପାଇଁ ସହରଗୁଡ଼ିକ ଏକ ଉତ୍ତମ ମାଧ୍ୟମ ଏବଂ ‘ମୋଦୀ କି ଗ୍ୟାରେଣ୍ଟି’ ଯାନ ତାହା ଯୁବ ଶକ୍ତି ଏବଂ ମହିଳାଙ୍କୁ ସଶକ୍ତ କରିବ । ଭିକିଏସୱାଇର ସର୍ବାଧିକ ଫାଇଦା ପାଇବା ଏକ ବିକଶିତ ଭାରତ ଗଠନ କରିବାକୁ ଆଗୁଆ ନେବାକୁ ସେ ସମସ୍ତଙ୍କୁ ଅନୁରୋଧ କରିଥିଲେ । ପୃଷ୍ଠଭୂମି : ଏହି ଯୋଜନାଗୁଡ଼ିକର ଲାଭ ସମସ୍ତ ଯୋଗ୍ୟ ହିତାଧିକାରୀଙ୍କ ପାଖରେ ପହଞ୍ଚିବା ସୁନିଶ୍ଚିତ କରିବା ସରକାରଙ୍କ ପ୍ରମୁଖ ଉଦ୍ଦେଶ୍ୟ । ସରକାରଙ୍କ ପ୍ରମୁଖ ଯୋଜନାଗୁଡ଼ିକର ସମସ୍ତ ଯୋଗ୍ୟ ହିତାଧିକାରୀଙ୍କ ପାଖରେ ପହଞ୍ଚିବା ଉଦ୍ଦେଶ୍ୟରେ ସମଗ୍ର ଦେଶରେ ବିକାଶ ଭାରତ ସଂକଳ୍ପ ଯାତ୍ରା କରାଯାଉଛି । ଏହି କାର୍ଯ୍ୟକ୍ରମରେ ଦେଶର ବିଭିନ୍ନ ସ୍ଥାନରୁ ହଜାର ହଜାର ବିକଶିତ ଭାରତ ସଂକଳ୍ପ ଯାତ୍ରା ହିତାଧିକାରୀ ଯୋଗ ଦେଇଥିଲେ । ଏହି କାର୍ଯ୍ୟକ୍ରମରେ ବହୁ ସଂଖ୍ୟକ କେନ୍ଦ୍ରମନ୍ତ୍ରୀ, ସାଂସଦ, ବିଧାୟକ ଓ ସ୍ଥାନୀୟସ୍ତରର ପ୍ରତିନିଧି ଯୋଗ ଦେଇଥିଲେ ।
